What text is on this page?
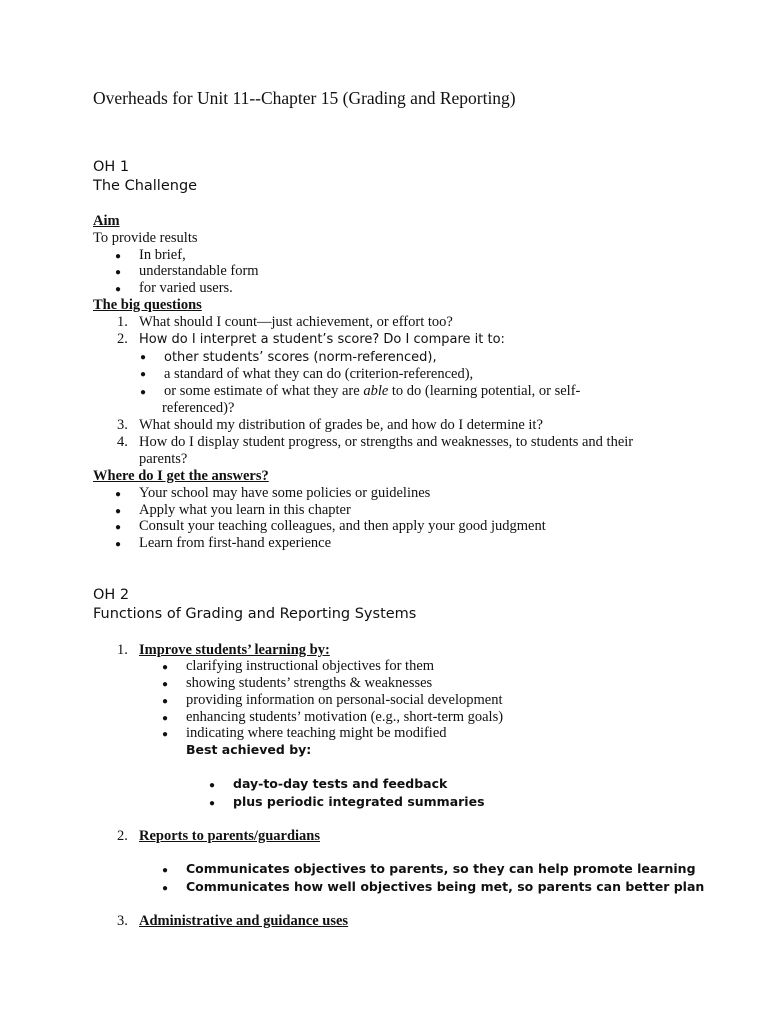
Overheads for Unit 11--Chapter 15 (Grading and Reporting)
OH 1
The Challenge
Aim
To provide results
● In brief,
● understandable form
● for varied users.
The big questions
1. What should I count—just achievement, or effort too?
2. How do I interpret a student’s score? Do I compare it to:
● other students’ scores (norm-referenced),
● a standard of what they can do (criterion-referenced),
● or some estimate of what they are able to do (learning potential, or self-
referenced)?
3. What should my distribution of grades be, and how do I determine it?
4. How do I display student progress, or strengths and weaknesses, to students and their
parents?
Where do I get the answers?
● Your school may have some policies or guidelines
● Apply what you learn in this chapter
● Consult your teaching colleagues, and then apply your good judgment
● Learn from first-hand experience
OH 2
Functions of Grading and Reporting Systems
1. Improve students’ learning by:
● clarifying instructional objectives for them
● showing students’ strengths & weaknesses
● providing information on personal-social development
● enhancing students’ motivation (e.g., short-term goals)
● indicating where teaching might be modified
Best achieved by:
● day-to-day tests and feedback
● plus periodic integrated summaries
2. Reports to parents/guardians
● Communicates objectives to parents, so they can help promote learning
● Communicates how well objectives being met, so parents can better plan
3. Administrative and guidance uses
